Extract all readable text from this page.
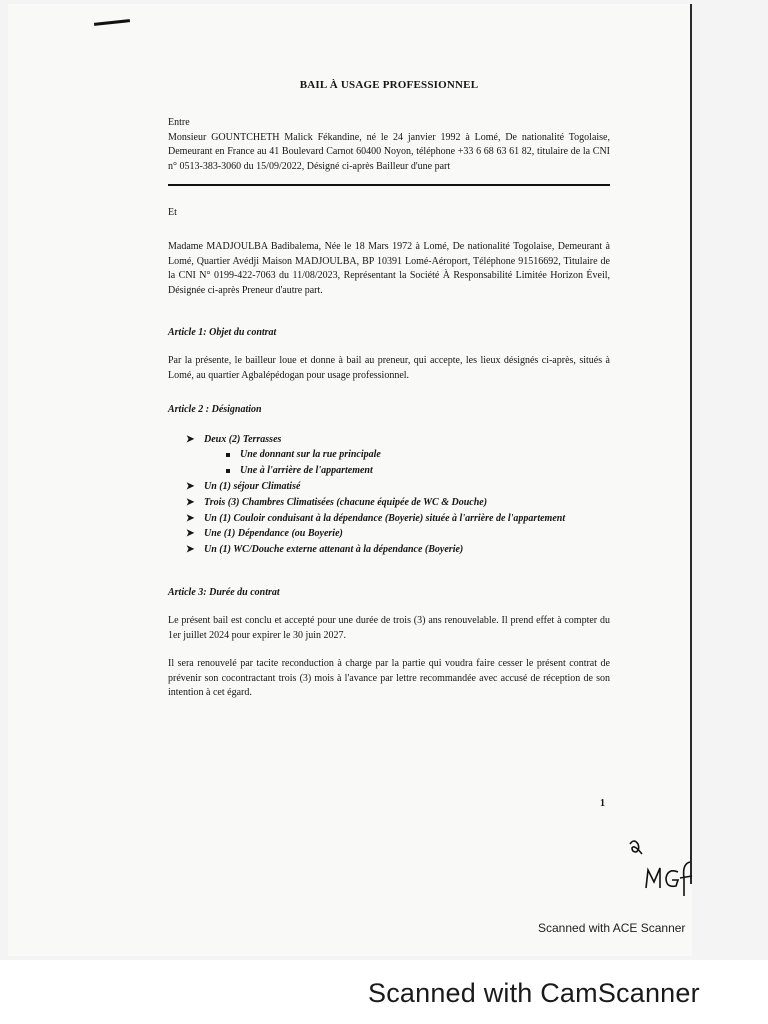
BAIL À USAGE PROFESSIONNEL

Entre

Monsieur GOUNTCHETH Malick Fékandine, né le 24 janvier 1992 à Lomé, De nationalité Togolaise, Demeurant en France au 41 Boulevard Carnot 60400 Noyon, téléphone +33 6 68 63 61 82, titulaire de la CNI n° 0513-383-3060 du 15/09/2022, Désigné ci-après Bailleur d'une part

Et

Madame MADJOULBA Badibalema, Née le 18 Mars 1972 à Lomé, De nationalité Togolaise, Demeurant à Lomé, Quartier Avédji Maison MADJOULBA, BP 10391 Lomé-Aéroport, Téléphone 91516692, Titulaire de la CNI N° 0199-422-7063 du 11/08/2023, Représentant la Société À Responsabilité Limitée Horizon Éveil, Désignée ci-après Preneur d'autre part.

Article 1: Objet du contrat

Par la présente, le bailleur loue et donne à bail au preneur, qui accepte, les lieux désignés ci-après, situés à Lomé, au quartier Agbalépédogan pour usage professionnel.

Article 2 : Désignation
➤ Deux (2) Terrasses
Une donnant sur la rue principale
Une à l'arrière de l'appartement
➤ Un (1) séjour Climatisé
➤ Trois (3) Chambres Climatisées (chacune équipée de WC & Douche)
➤ Un (1) Couloir conduisant à la dépendance (Boyerie) située à l'arrière de l'appartement
➤ Une (1) Dépendance (ou Boyerie)
➤ Un (1) WC/Douche externe attenant à la dépendance (Boyerie)
Article 3: Durée du contrat

Le présent bail est conclu et accepté pour une durée de trois (3) ans renouvelable. Il prend effet à compter du 1er juillet 2024 pour expirer le 30 juin 2027.

Il sera renouvelé par tacite reconduction à charge par la partie qui voudra faire cesser le présent contrat de prévenir son cocontractant trois (3) mois à l'avance par lettre recommandée avec accusé de réception de son intention à cet égard.

1
Scanned with ACE Scanner
Scanned with CamScanner
